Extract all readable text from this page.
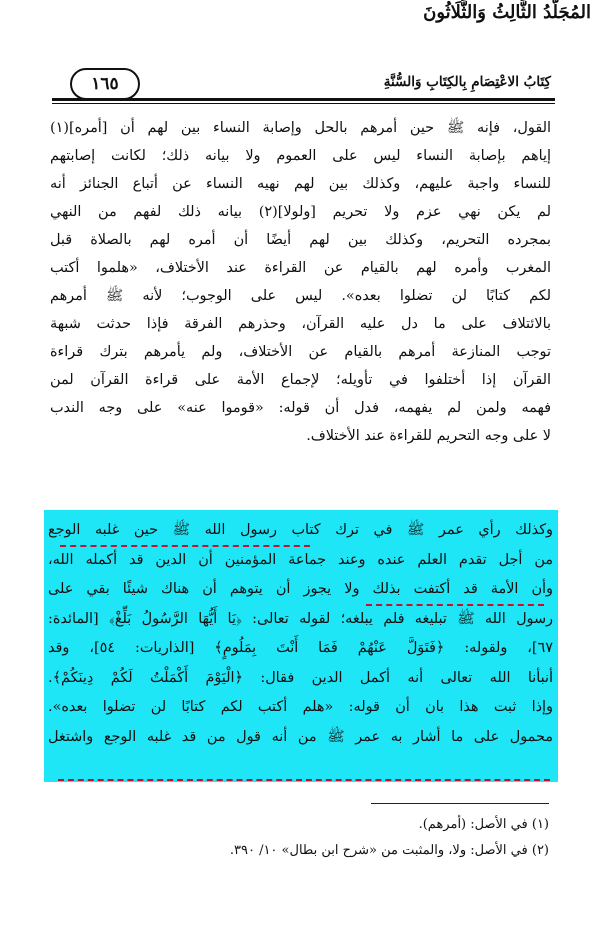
المُجَلَّدُ الثَّالِثُ وَالثَّلَاثُونَ
كِتَابُ الاعْتِصَامِ بِالكِتَابِ وَالسُّنَّةِ
١٦٥
القول، فإنه ﷺ حين أمرهم بالحل وإصابة النساء بين لهم أن [أمره](١)
إياهم بإصابة النساء ليس على العموم ولا بيانه ذلك؛ لكانت إصابتهم
للنساء واجبة عليهم، وكذلك بين لهم نهيه النساء عن أتباع الجنائز أنه
لم يكن نهي عزم ولا تحريم [ولولا](٢) بيانه ذلك لفهم من النهي
بمجرده التحريم، وكذلك بين لهم أيضًا أن أمره لهم بالصلاة قبل
المغرب وأمره لهم بالقيام عن القراءة عند الأختلاف، «هلموا أكتب
لكم كتابًا لن تضلوا بعده». ليس على الوجوب؛ لأنه ﷺ أمرهم
بالائتلاف على ما دل عليه القرآن، وحذرهم الفرقة فإذا حدثت شبهة
توجب المنازعة أمرهم بالقيام عن الأختلاف، ولم يأمرهم بترك قراءة
القرآن إذا أختلفوا في تأويله؛ لإجماع الأمة على قراءة القرآن لمن
فهمه ولمن لم يفهمه، فدل أن قوله: «قوموا عنه» على وجه الندب
لا على وجه التحريم للقراءة عند الأختلاف.
وكذلك رأي عمر ﷺ في ترك كتاب رسول الله ﷺ حين غلبه الوجع
من أجل تقدم العلم عنده وعند جماعة المؤمنين أن الدين قد أكمله الله،
وأن الأمة قد أكتفت بذلك ولا يجوز أن يتوهم أن هناك شيئًا بقي على
رسول الله ﷺ تبليغه فلم يبلغه؛ لقوله تعالى: ﴿يَا أَيُّهَا الرَّسُولُ بَلِّغْ﴾ [المائدة:
٦٧]، ولقوله: ﴿فَتَوَلَّ عَنْهُمْ فَمَا أَنْتَ بِمَلُومٍ﴾ [الذاريات: ٥٤]، وقد
أنبأنا الله تعالى أنه أكمل الدين فقال: ﴿الْيَوْمَ أَكْمَلْتُ لَكُمْ دِينَكُمْ﴾.
وإذا ثبت هذا بان أن قوله: «هلم أكتب لكم كتابًا لن تضلوا بعده».
محمول على ما أشار به عمر ﷺ من أنه قول من قد غلبه الوجع واشتغل
(١) في الأصل: (أمرهم).
(٢) في الأصل: ولا، والمثبت من «شرح ابن بطال» ١٠/ ٣٩٠.
